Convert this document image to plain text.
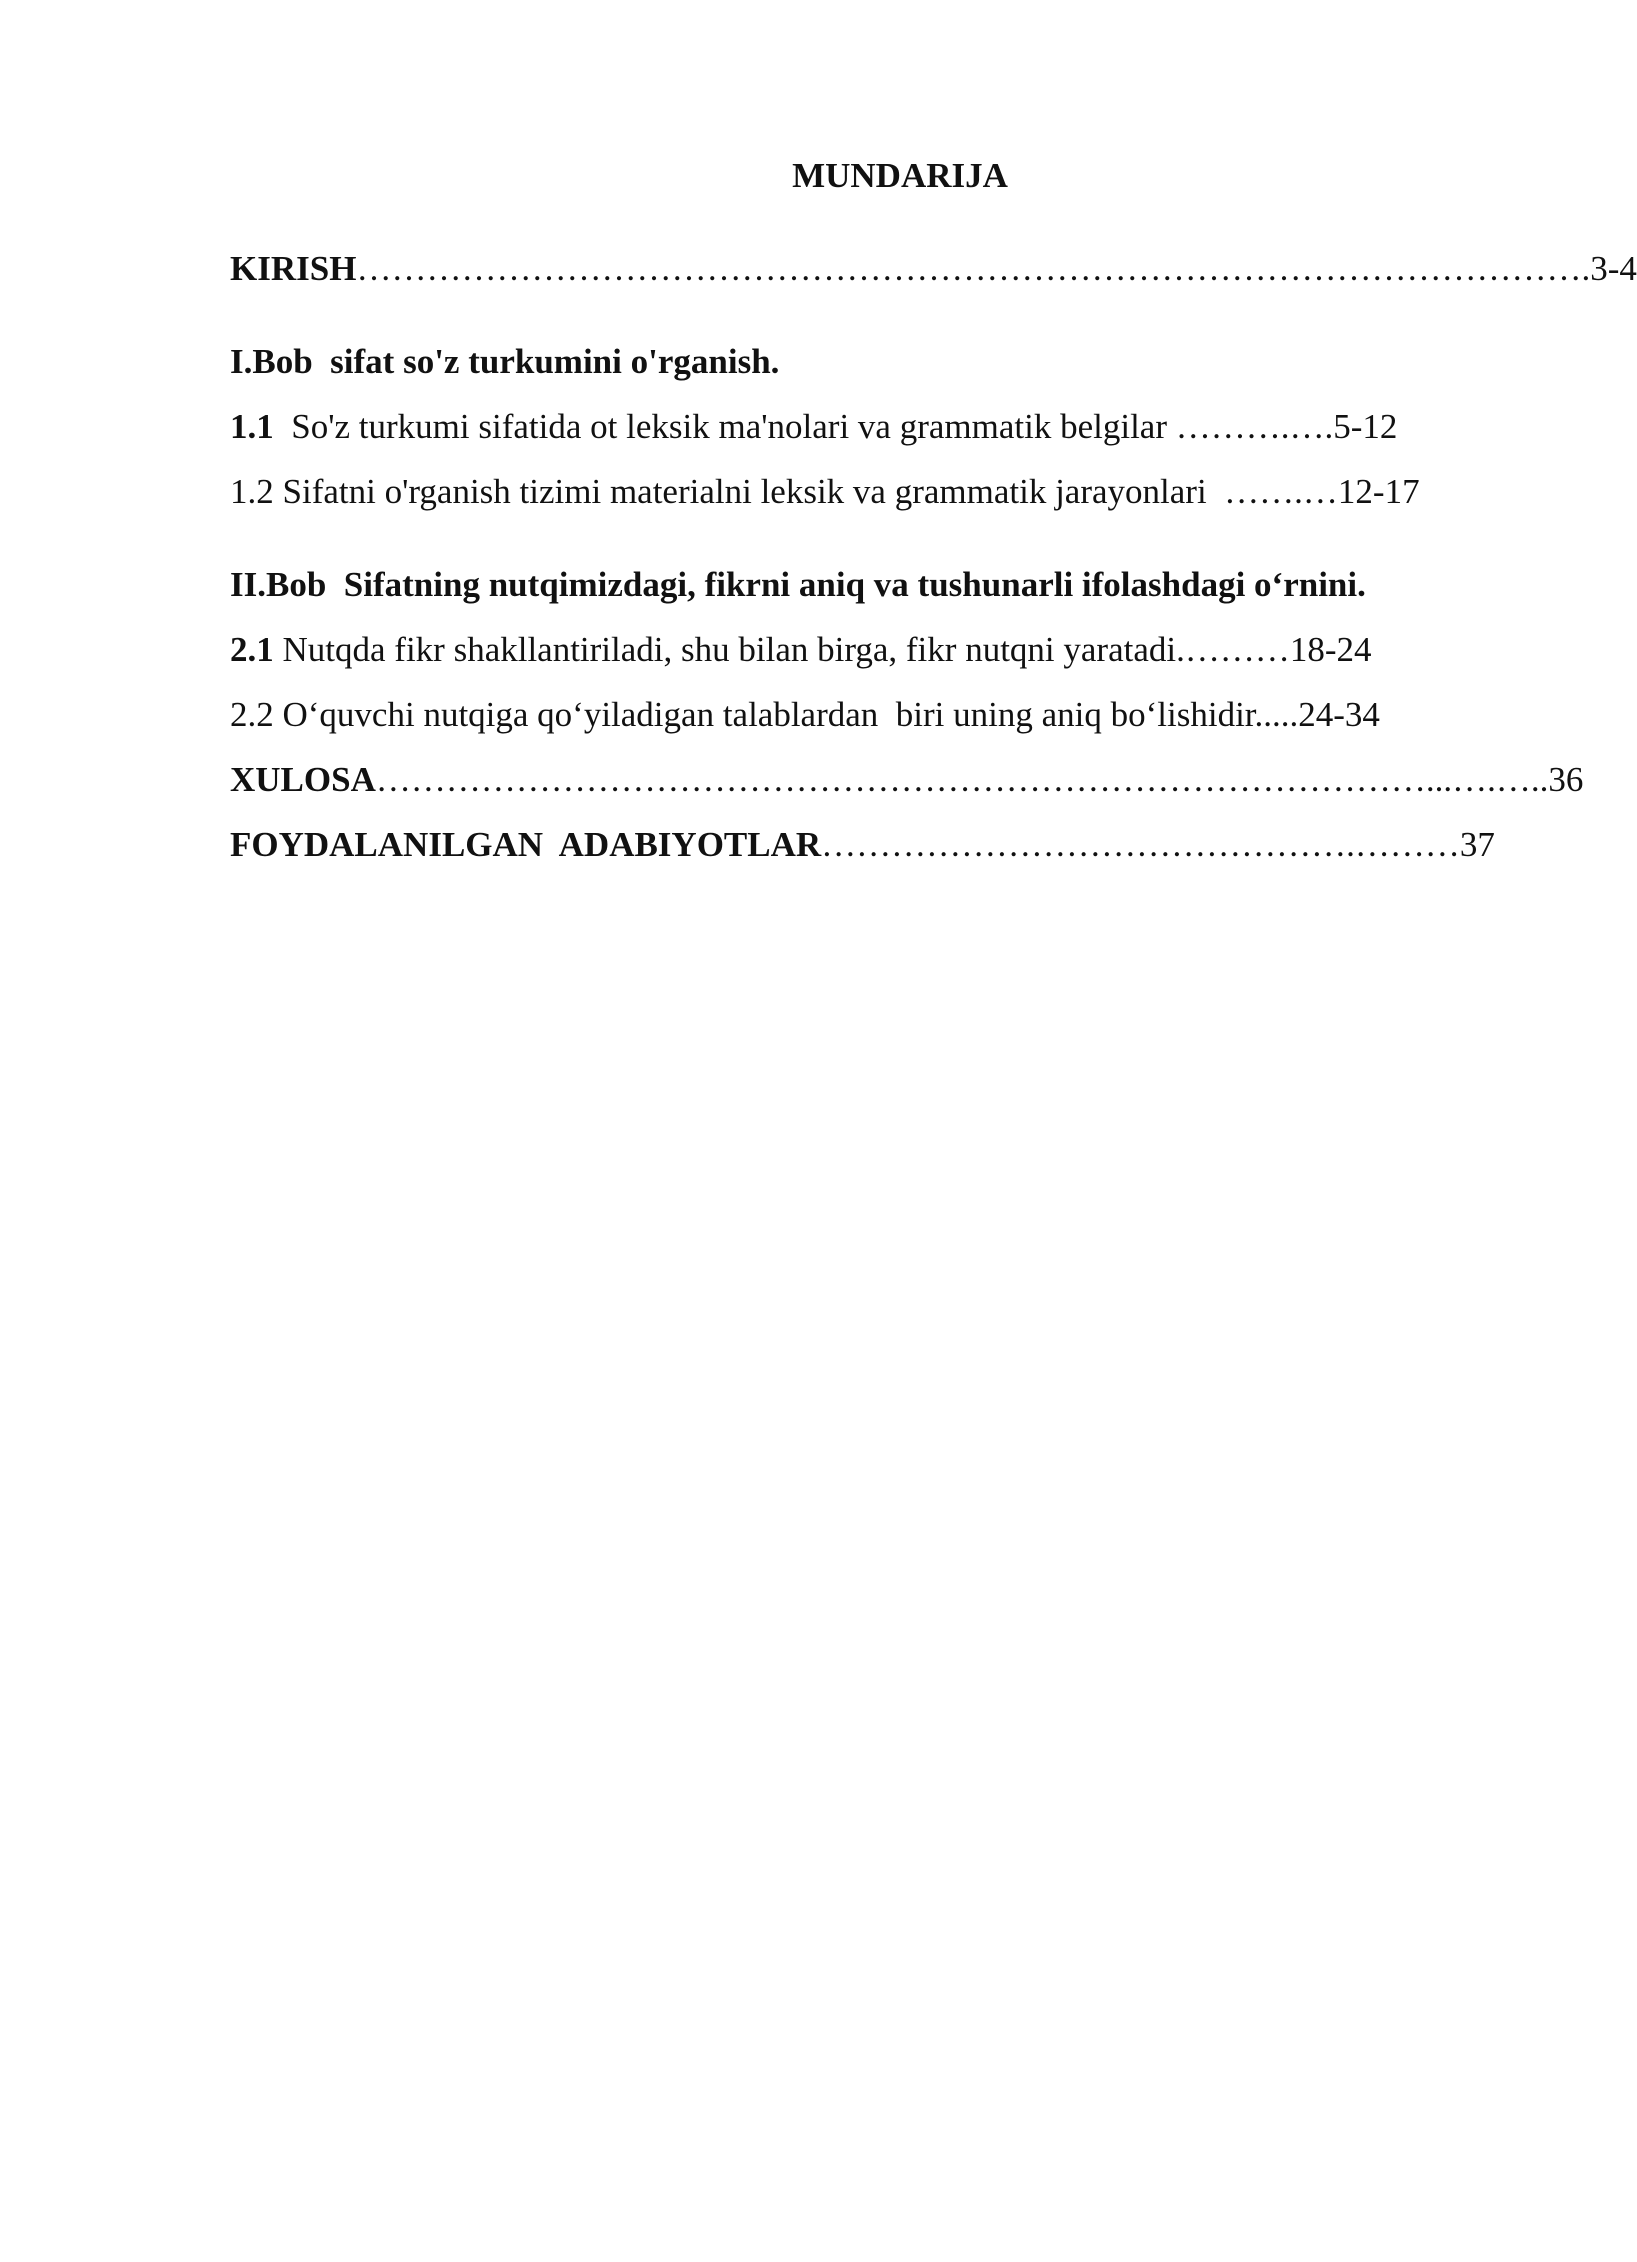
MUNDARIJA
KIRISH…………………………………………………………………………………………….3-4
I.Bob  sifat so'z turkumini o'rganish.
1.1  So'z turkumi sifatida ot leksik ma'nolari va grammatik belgilar ……….….5-12
1.2 Sifatni o'rganish tizimi materialni leksik va grammatik jarayonlari  …….…12-17
II.Bob  Sifatning nutqimizdagi, fikrni aniq va tushunarli ifolashdagi o‘rnini.
2.1 Nutqda fikr shakllantiriladi, shu bilan birga, fikr nutqni yaratadi.………18-24
2.2 O‘quvchi nutqiga qo‘yiladigan talablardan  biri uning aniq bo‘lishidir.....24-34
XULOSA………………………………………………………………………………...….…..36
FOYDALANILGAN  ADABIYOTLAR……………………………………….………37
